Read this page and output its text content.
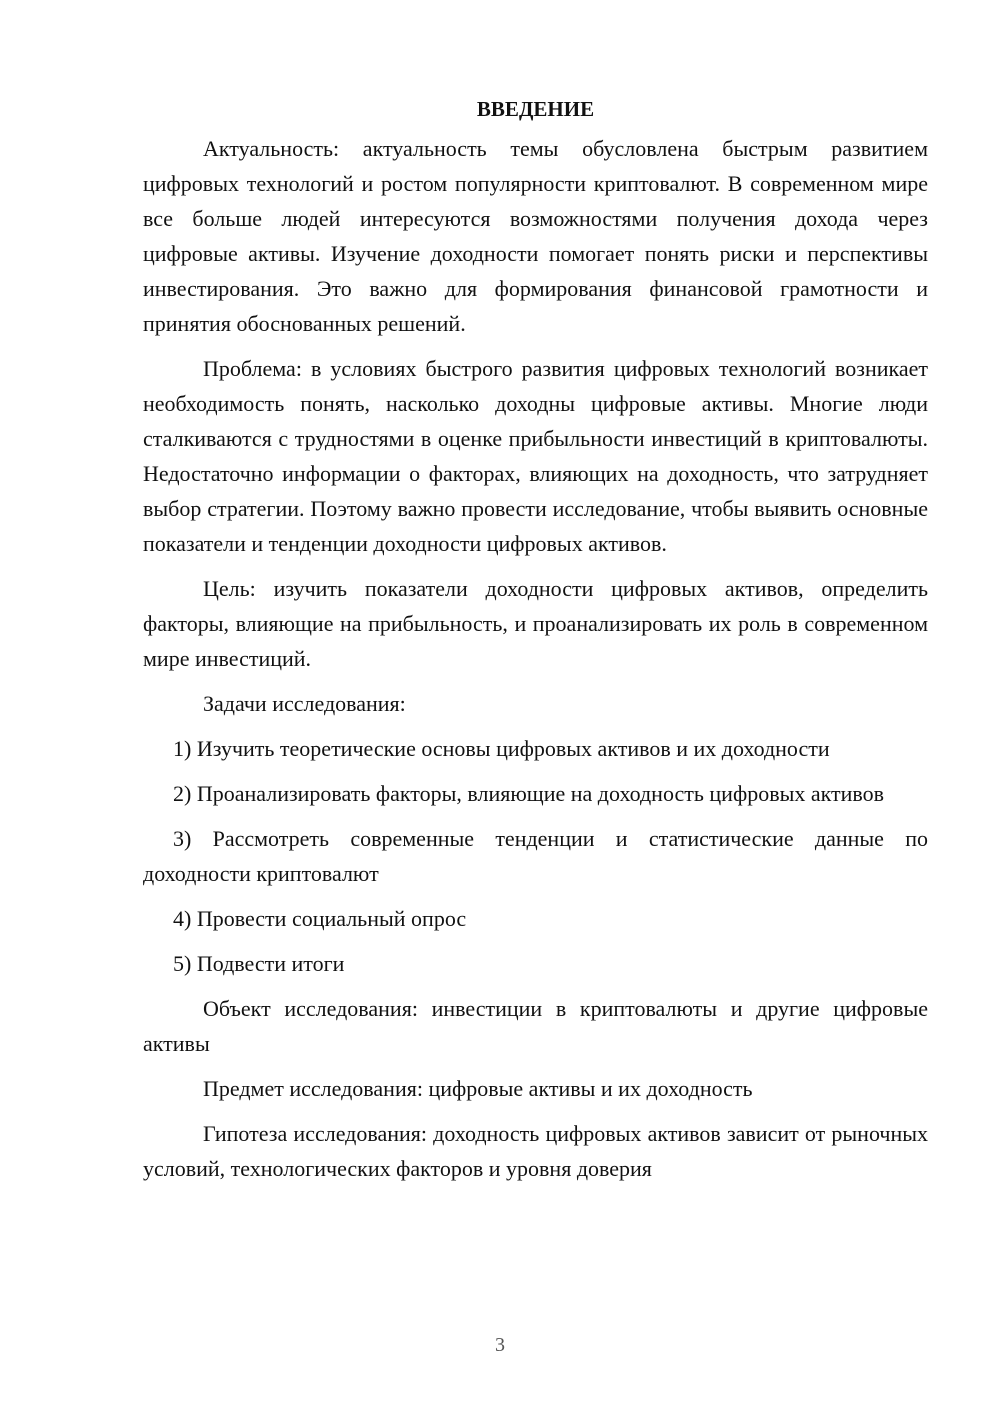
ВВЕДЕНИЕ

Актуальность: актуальность темы обусловлена быстрым развитием цифровых технологий и ростом популярности криптовалют. В современном мире все больше людей интересуются возможностями получения дохода через цифровые активы. Изучение доходности помогает понять риски и перспективы инвестирования. Это важно для формирования финансовой грамотности и принятия обоснованных решений.

Проблема: в условиях быстрого развития цифровых технологий возникает необходимость понять, насколько доходны цифровые активы. Многие люди сталкиваются с трудностями в оценке прибыльности инвестиций в криптовалюты. Недостаточно информации о факторах, влияющих на доходность, что затрудняет выбор стратегии. Поэтому важно провести исследование, чтобы выявить основные показатели и тенденции доходности цифровых активов.

Цель: изучить показатели доходности цифровых активов, определить факторы, влияющие на прибыльность, и проанализировать их роль в современном мире инвестиций.

Задачи исследования:

1) Изучить теоретические основы цифровых активов и их доходности

2) Проанализировать факторы, влияющие на доходность цифровых активов

3) Рассмотреть современные тенденции и статистические данные по доходности криптовалют

4) Провести социальный опрос

5) Подвести итоги

Объект исследования: инвестиции в криптовалюты и другие цифровые активы

Предмет исследования: цифровые активы и их доходность

Гипотеза исследования: доходность цифровых активов зависит от рыночных условий, технологических факторов и уровня доверия

3
